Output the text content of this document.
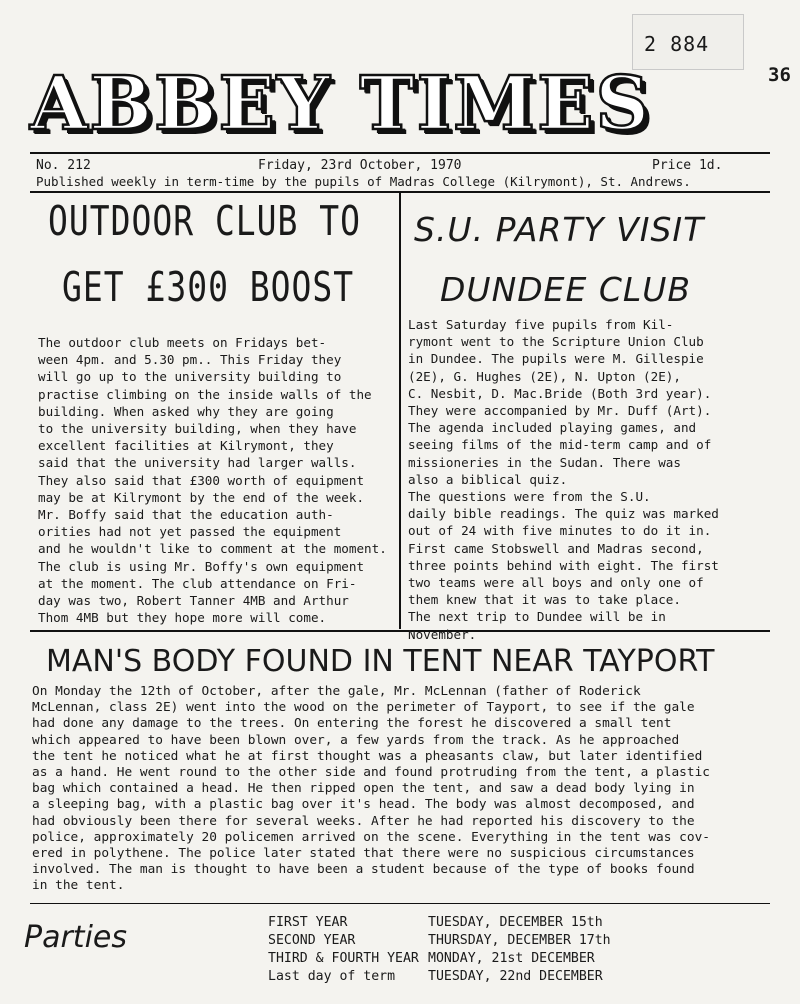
2 884
36
ABBEY TIMES
No. 212	Friday, 23rd October, 1970	Price 1d.
Published weekly in term-time by the pupils of Madras College (Kilrymont), St. Andrews.
OUTDOOR CLUB TO
GET £300 BOOST
The outdoor club meets on Fridays bet-
ween 4pm. and 5.30 pm.. This Friday they
will go up to the university building to
practise climbing on the inside walls of the
building. When asked why they are going
to the university building, when they have
excellent facilities at Kilrymont, they
said that the university had larger walls.
They also said that £300 worth of equipment
may be at Kilrymont by the end of the week.
Mr. Boffy said that the education auth-
orities had not yet passed the equipment
and he wouldn't like to comment at the moment.
The club is using Mr. Boffy's own equipment
at the moment. The club attendance on Fri-
day was two, Robert Tanner 4MB and Arthur
Thom 4MB but they hope more will come.
S.U. PARTY VISIT
DUNDEE CLUB
Last Saturday five pupils from Kil-
rymont went to the Scripture Union Club
in Dundee. The pupils were M. Gillespie
(2E), G. Hughes (2E), N. Upton (2E),
C. Nesbit, D. Mac.Bride (Both 3rd year).
They were accompanied by Mr. Duff (Art).
The agenda included playing games, and
seeing films of the mid-term camp and of
missioneries in the Sudan. There was
also a biblical quiz.
The questions were from the S.U.
daily bible readings. The quiz was marked
out of 24 with five minutes to do it in.
First came Stobswell and Madras second,
three points behind with eight. The first
two teams were all boys and only one of
them knew that it was to take place.
The next trip to Dundee will be in
November.
MAN'S BODY FOUND IN TENT NEAR TAYPORT
On Monday the 12th of October, after the gale, Mr. McLennan (father of Roderick
McLennan, class 2E) went into the wood on the perimeter of Tayport, to see if the gale
had done any damage to the trees. On entering the forest he discovered a small tent
which appeared to have been blown over, a few yards from the track. As he approached
the tent he noticed what he at first thought was a pheasants claw, but later identified
as a hand. He went round to the other side and found protruding from the tent, a plastic
bag which contained a head. He then ripped open the tent, and saw a dead body lying in
a sleeping bag, with a plastic bag over it's head. The body was almost decomposed, and
had obviously been there for several weeks. After he had reported his discovery to the
police, approximately 20 policemen arrived on the scene. Everything in the tent was cov-
ered in polythene. The police later stated that there were no suspicious circumstances
involved. The man is thought to have been a student because of the type of books found
in the tent.
Parties	FIRST YEAR	TUESDAY, DECEMBER 15th
SECOND YEAR	THURSDAY, DECEMBER 17th
THIRD & FOURTH YEAR MONDAY, 21st DECEMBER
Last day of term TUESDAY, 22nd DECEMBER
